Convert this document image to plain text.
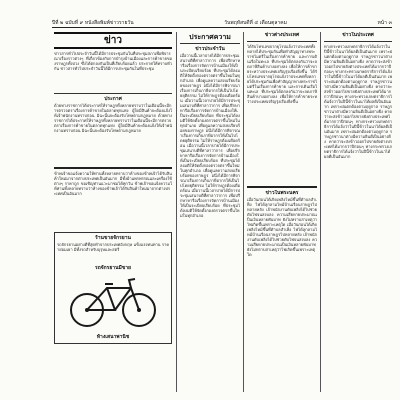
ปีที่ ๒ ฉบับที่ ๙ หนังสือพิมพ์ข่าวรายวัน	วันพฤหัสบดีที่ ๔ เดือนตุลาคม	หน้า ๓
ข่าว
ข่าวสารทั่วไปประจำวันนี้ได้มีการประชุมกันในที่ประชุมสภาเพื่อพิจารณาเรื่องราวต่างๆ ที่เกี่ยวข้องกับการบำรุงบ้านเมืองและการค้าขายของราษฎรทั้งปวง ซึ่งได้ตกลงกันเป็นที่เรียบร้อยแล้ว ประกาศให้ทราบทั่วกัน ข่าวสารทั่วไปประจำวันนี้ได้มีการประชุมกันในที่ประชุม
ประกาศ
ด้วยทางราชการได้ประกาศให้ราษฎรทั้งหลายทราบว่าในเดือนนี้จะมีการตรวจตราเรื่องการค้าขายในตลาดทุกแห่ง ผู้ใดมีสินค้าจะต้องแจ้งให้เจ้าพนักงานทราบก่อน มิฉะนั้นจะต้องรับโทษตามกฎหมาย ด้วยทางราชการได้ประกาศให้ราษฎรทั้งหลายทราบว่าในเดือนนี้จะมีการตรวจตราเรื่องการค้าขายในตลาดทุกแห่ง ผู้ใดมีสินค้าจะต้องแจ้งให้เจ้าพนักงานทราบก่อน มิฉะนั้นจะต้องรับโทษตามกฎหมาย
ข้าพเจ้าขอแจ้งความให้ท่านทั้งหลายทราบว่าห้างของข้าพเจ้าได้รับสินค้าใหม่มาจากต่างประเทศเป็นอันมาก มีทั้งผ้าแพรพรรณและเครื่องใช้ต่างๆ ราคาถูก ขอเชิญท่านแวะมาชมได้ทุกวัน ข้าพเจ้าขอแจ้งความให้ท่านทั้งหลายทราบว่าห้างของข้าพเจ้าได้รับสินค้าใหม่มาจากต่างประเทศเป็นอันมาก
ร้านขายจักรยาน
รถจักรยานอย่างดีที่สุดทำจากประเทศอังกฤษ แข็งแรงทนทาน ราคาย่อมเยา มีทั้งรถสำหรับบุรุษและสตรี
รถจักรยานมีขาย
ห้างเสนาพานิช
ประกาศความ
ข่าวประจำวัน
เมื่อวานนี้เวลาบ่ายได้มีการประชุมเสนาบดีที่ศาลาว่าการ เพื่อปรึกษาหารือเรื่องการจัดการบ้านเมืองให้เป็นระเบียบเรียบร้อย ที่ประชุมได้ลงมติให้จัดตั้งกองตรวจตราขึ้นใหม่ในทุกอำเภอ เพื่อดูแลความสงบเรียบร้อยของราษฎร อนึ่งได้มีการพิจารณาเรื่องการเก็บภาษีอากรให้เป็นไปโดยยุติธรรม ไม่ให้ราษฎรต้องเดือดร้อน เมื่อวานนี้เวลาบ่ายได้มีการประชุมเสนาบดีที่ศาลาว่าการ เพื่อปรึกษาหารือเรื่องการจัดการบ้านเมืองให้เป็นระเบียบเรียบร้อย ที่ประชุมได้ลงมติให้จัดตั้งกองตรวจตราขึ้นใหม่ในทุกอำเภอ เพื่อดูแลความสงบเรียบร้อยของราษฎร อนึ่งได้มีการพิจารณาเรื่องการเก็บภาษีอากรให้เป็นไปโดยยุติธรรม ไม่ให้ราษฎรต้องเดือดร้อน เมื่อวานนี้เวลาบ่ายได้มีการประชุมเสนาบดีที่ศาลาว่าการ เพื่อปรึกษาหารือเรื่องการจัดการบ้านเมืองให้เป็นระเบียบเรียบร้อย ที่ประชุมได้ลงมติให้จัดตั้งกองตรวจตราขึ้นใหม่ในทุกอำเภอ เพื่อดูแลความสงบเรียบร้อยของราษฎร อนึ่งได้มีการพิจารณาเรื่องการเก็บภาษีอากรให้เป็นไปโดยยุติธรรม ไม่ให้ราษฎรต้องเดือดร้อน เมื่อวานนี้เวลาบ่ายได้มีการประชุมเสนาบดีที่ศาลาว่าการ เพื่อปรึกษาหารือเรื่องการจัดการบ้านเมืองให้เป็นระเบียบเรียบร้อย ที่ประชุมได้ลงมติให้จัดตั้งกองตรวจตราขึ้นใหม่ในทุกอำเภอ
ข่าวต่างประเทศ
ได้รับโทรเลขจากยุโรปแจ้งว่าประเทศทั้งหลายได้ประชุมกันเพื่อทำสัญญาทางพระราชไมตรีในเรื่องการค้าขาย และการเดินเรือในทะเล ที่ประชุมได้ตกลงกันว่าจะลดภาษีสินค้าบางอย่างลง เพื่อให้การค้าขายระหว่างประเทศเจริญรุ่งเรืองยิ่งขึ้น ได้รับโทรเลขจากยุโรปแจ้งว่าประเทศทั้งหลายได้ประชุมกันเพื่อทำสัญญาทางพระราชไมตรีในเรื่องการค้าขาย และการเดินเรือในทะเล ที่ประชุมได้ตกลงกันว่าจะลดภาษีสินค้าบางอย่างลง เพื่อให้การค้าขายระหว่างประเทศเจริญรุ่งเรืองยิ่งขึ้น
ข่าวในพระนคร
เมื่อวันก่อนได้เกิดเพลิงไหม้ขึ้นที่ตำบลสำเพ็ง ไฟได้ลุกลามไหม้บ้านเรือนราษฎรไปหลายหลัง เจ้าพนักงานดับเพลิงได้ไปช่วยดับไฟจนสงบลง ความเสียหายประมาณเป็นเงินหลายพันบาท ยังไม่ทราบสาเหตุว่าไฟเกิดขึ้นเพราะเหตุใด เมื่อวันก่อนได้เกิดเพลิงไหม้ขึ้นที่ตำบลสำเพ็ง ไฟได้ลุกลามไหม้บ้านเรือนราษฎรไปหลายหลัง เจ้าพนักงานดับเพลิงได้ไปช่วยดับไฟจนสงบลง ความเสียหายประมาณเป็นเงินหลายพันบาท ยังไม่ทราบสาเหตุว่าไฟเกิดขึ้นเพราะเหตุใด
ข่าวในประเทศ
ทางกระทรวงเกษตราธิการได้แจ้งว่าในปีนี้ข้าวในนาได้ผลดีเป็นอันมาก เพราะฝนตกต้องตามฤดูกาล ราษฎรชาวนาต่างมีความยินดีเป็นอย่างยิ่ง คาดว่าจะส่งข้าวออกไปขายยังต่างประเทศได้มากกว่าปีก่อนๆ ทางกระทรวงเกษตราธิการได้แจ้งว่าในปีนี้ข้าวในนาได้ผลดีเป็นอันมาก เพราะฝนตกต้องตามฤดูกาล ราษฎรชาวนาต่างมีความยินดีเป็นอย่างยิ่ง คาดว่าจะส่งข้าวออกไปขายยังต่างประเทศได้มากกว่าปีก่อนๆ ทางกระทรวงเกษตราธิการได้แจ้งว่าในปีนี้ข้าวในนาได้ผลดีเป็นอันมาก เพราะฝนตกต้องตามฤดูกาล ราษฎรชาวนาต่างมีความยินดีเป็นอย่างยิ่ง คาดว่าจะส่งข้าวออกไปขายยังต่างประเทศได้มากกว่าปีก่อนๆ ทางกระทรวงเกษตราธิการได้แจ้งว่าในปีนี้ข้าวในนาได้ผลดีเป็นอันมาก เพราะฝนตกต้องตามฤดูกาล ราษฎรชาวนาต่างมีความยินดีเป็นอย่างยิ่ง คาดว่าจะส่งข้าวออกไปขายยังต่างประเทศได้มากกว่าปีก่อนๆ ทางกระทรวงเกษตราธิการได้แจ้งว่าในปีนี้ข้าวในนาได้ผลดีเป็นอันมาก
